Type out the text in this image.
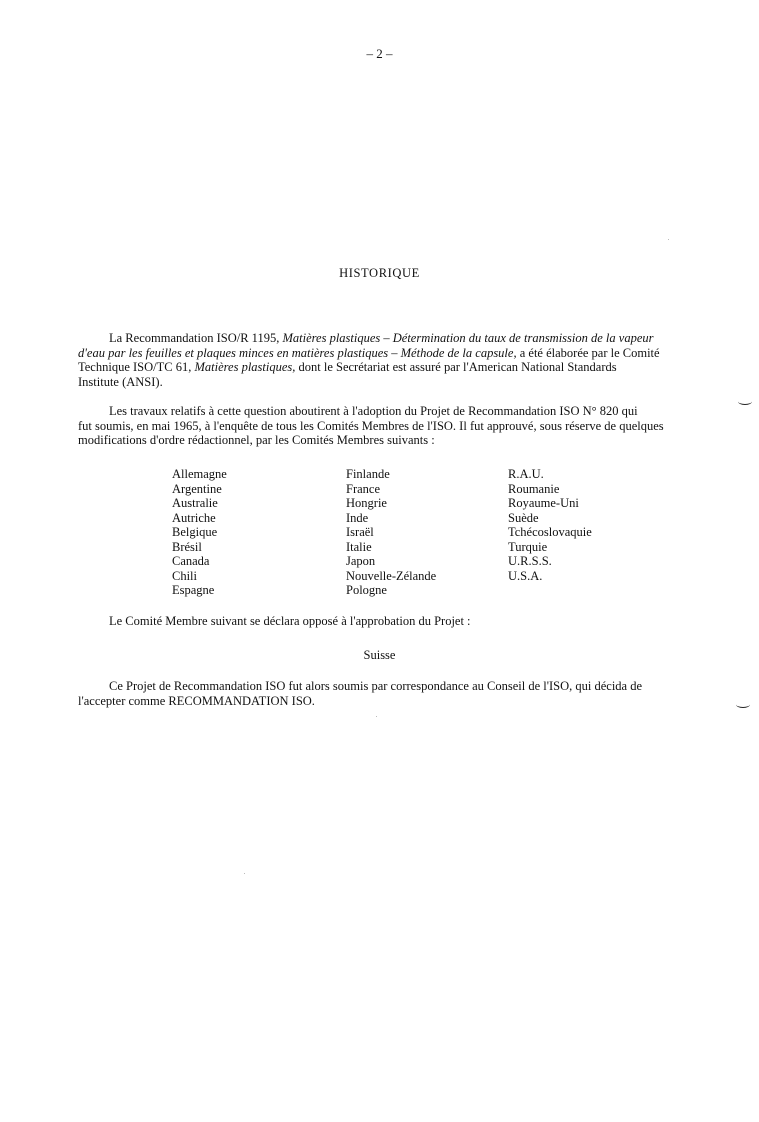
– 2 –
HISTORIQUE

La Recommandation ISO/R 1195, Matières plastiques – Détermination du taux de transmission de la vapeur
d'eau par les feuilles et plaques minces en matières plastiques – Méthode de la capsule, a été élaborée par le Comité
Technique ISO/TC 61, Matières plastiques, dont le Secrétariat est assuré par l'American National Standards
Institute (ANSI).

Les travaux relatifs à cette question aboutirent à l'adoption du Projet de Recommandation ISO N° 820 qui
fut soumis, en mai 1965, à l'enquête de tous les Comités Membres de l'ISO. Il fut approuvé, sous réserve de quelques
modifications d'ordre rédactionnel, par les Comités Membres suivants :

Allemagne
Argentine
Australie
Autriche
Belgique
Brésil
Canada
Chili
Espagne
Finlande
France
Hongrie
Inde
Israël
Italie
Japon
Nouvelle-Zélande
Pologne
R.A.U.
Roumanie
Royaume-Uni
Suède
Tchécoslovaquie
Turquie
U.R.S.S.
U.S.A.

Le Comité Membre suivant se déclara opposé à l'approbation du Projet :

Suisse

Ce Projet de Recommandation ISO fut alors soumis par correspondance au Conseil de l'ISO, qui décida de
l'accepter comme RECOMMANDATION ISO.
